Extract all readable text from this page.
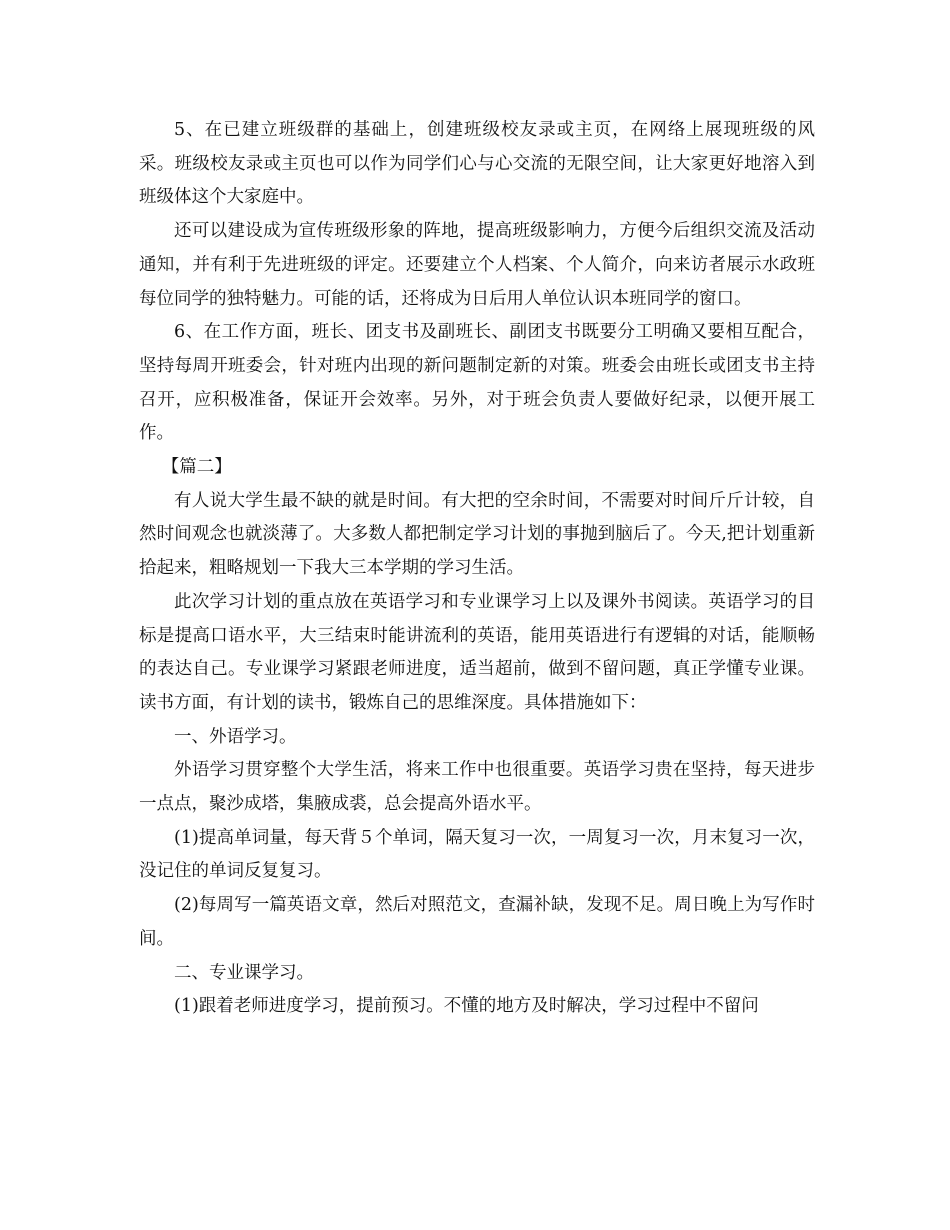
5、在已建立班级群的基础上，创建班级校友录或主页，在网络上展现班级的风采。班级校友录或主页也可以作为同学们心与心交流的无限空间，让大家更好地溶入到班级体这个大家庭中。

还可以建设成为宣传班级形象的阵地，提高班级影响力，方便今后组织交流及活动通知，并有利于先进班级的评定。还要建立个人档案、个人简介，向来访者展示水政班每位同学的独特魅力。可能的话，还将成为日后用人单位认识本班同学的窗口。

6、在工作方面，班长、团支书及副班长、副团支书既要分工明确又要相互配合，坚持每周开班委会，针对班内出现的新问题制定新的对策。班委会由班长或团支书主持召开，应积极准备，保证开会效率。另外，对于班会负责人要做好纪录，以便开展工作。

【篇二】

有人说大学生最不缺的就是时间。有大把的空余时间，不需要对时间斤斤计较，自然时间观念也就淡薄了。大多数人都把制定学习计划的事抛到脑后了。今天,把计划重新拾起来，粗略规划一下我大三本学期的学习生活。

此次学习计划的重点放在英语学习和专业课学习上以及课外书阅读。英语学习的目标是提高口语水平，大三结束时能讲流利的英语，能用英语进行有逻辑的对话，能顺畅的表达自己。专业课学习紧跟老师进度，适当超前，做到不留问题，真正学懂专业课。读书方面，有计划的读书，锻炼自己的思维深度。具体措施如下：

一、外语学习。

外语学习贯穿整个大学生活，将来工作中也很重要。英语学习贵在坚持，每天进步一点点，聚沙成塔，集腋成裘，总会提高外语水平。

(1)提高单词量，每天背５个单词，隔天复习一次，一周复习一次，月末复习一次，没记住的单词反复复习。

(2)每周写一篇英语文章，然后对照范文，查漏补缺，发现不足。周日晚上为写作时间。

二、专业课学习。

(1)跟着老师进度学习，提前预习。不懂的地方及时解决，学习过程中不留问
